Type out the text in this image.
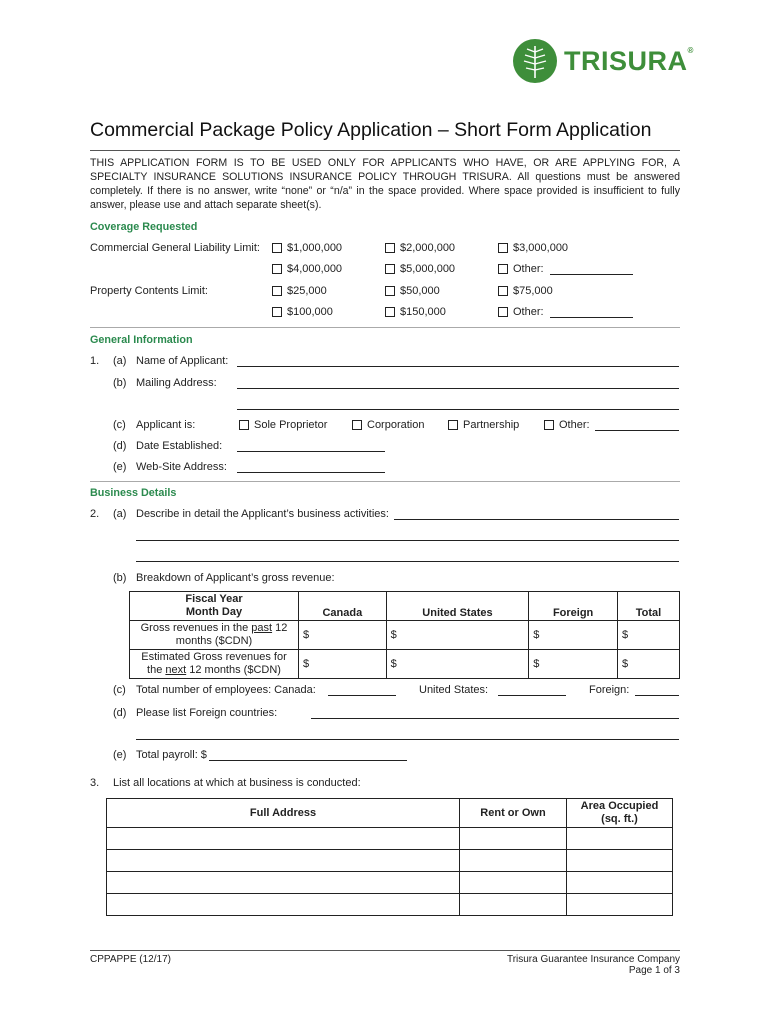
TRISURA®
Commercial Package Policy Application – Short Form Application
THIS APPLICATION FORM IS TO BE USED ONLY FOR APPLICANTS WHO HAVE, OR ARE APPLYING FOR, A SPECIALTY INSURANCE SOLUTIONS INSURANCE POLICY THROUGH TRISURA. All questions must be answered completely. If there is no answer, write “none” or “n/a” in the space provided. Where space provided is insufficient to fully answer, please use and attach separate sheet(s).
Coverage Requested
Commercial General Liability Limit: $1,000,000	$2,000,000	$3,000,000
$4,000,000	$5,000,000	Other:
Property Contents Limit:	$25,000	$50,000	$75,000
$100,000	$150,000	Other:
General Information
1. (a) Name of Applicant:
(b) Mailing Address:
(c) Applicant is:	Sole Proprietor	Corporation	Partnership	Other:
(d) Date Established:
(e) Web-Site Address:
Business Details
2. (a) Describe in detail the Applicant’s business activities:
(b) Breakdown of Applicant’s gross revenue:
Fiscal Year
Month Day	Canada	United States	Foreign	Total
Gross revenues in the past 12
months ($CDN)	$	$	$	$
Estimated Gross revenues for
the next 12 months ($CDN)	$	$	$	$
(c) Total number of employees: Canada:	United States:	Foreign:
(d) Please list Foreign countries:
(e) Total payroll: $
3. List all locations at which at business is conducted:
Full Address	Rent or Own	Area Occupied
(sq. ft.)

CPPAPPE (12/17)	Trisura Guarantee Insurance Company
Page 1 of 3
